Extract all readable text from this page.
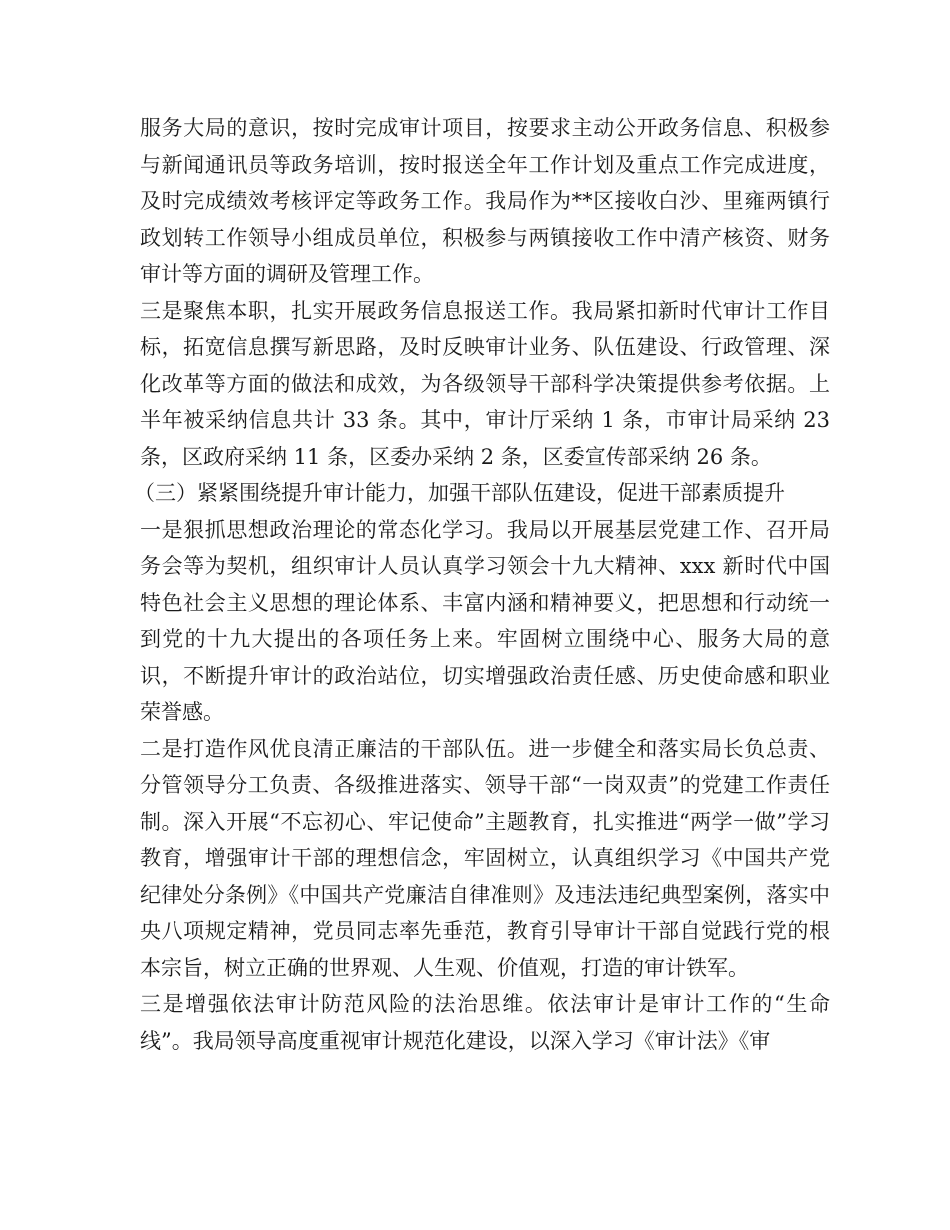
服务大局的意识，按时完成审计项目，按要求主动公开政务信息、积极参与新闻通讯员等政务培训，按时报送全年工作计划及重点工作完成进度，及时完成绩效考核评定等政务工作。我局作为**区接收白沙、里雍两镇行政划转工作领导小组成员单位，积极参与两镇接收工作中清产核资、财务审计等方面的调研及管理工作。

三是聚焦本职，扎实开展政务信息报送工作。我局紧扣新时代审计工作目标，拓宽信息撰写新思路，及时反映审计业务、队伍建设、行政管理、深化改革等方面的做法和成效，为各级领导干部科学决策提供参考依据。上半年被采纳信息共计 33 条。其中，审计厅采纳 1 条，市审计局采纳 23 条，区政府采纳 11 条，区委办采纳 2 条，区委宣传部采纳 26 条。

（三）紧紧围绕提升审计能力，加强干部队伍建设，促进干部素质提升

一是狠抓思想政治理论的常态化学习。我局以开展基层党建工作、召开局务会等为契机，组织审计人员认真学习领会十九大精神、xxx 新时代中国特色社会主义思想的理论体系、丰富内涵和精神要义，把思想和行动统一到党的十九大提出的各项任务上来。牢固树立围绕中心、服务大局的意识，不断提升审计的政治站位，切实增强政治责任感、历史使命感和职业荣誉感。

二是打造作风优良清正廉洁的干部队伍。进一步健全和落实局长负总责、分管领导分工负责、各级推进落实、领导干部“一岗双责”的党建工作责任制。深入开展“不忘初心、牢记使命”主题教育，扎实推进“两学一做”学习教育，增强审计干部的理想信念，牢固树立，认真组织学习《中国共产党纪律处分条例》《中国共产党廉洁自律准则》及违法违纪典型案例，落实中央八项规定精神，党员同志率先垂范，教育引导审计干部自觉践行党的根本宗旨，树立正确的世界观、人生观、价值观，打造的审计铁军。

三是增强依法审计防范风险的法治思维。依法审计是审计工作的“生命线”。我局领导高度重视审计规范化建设，以深入学习《审计法》《审
